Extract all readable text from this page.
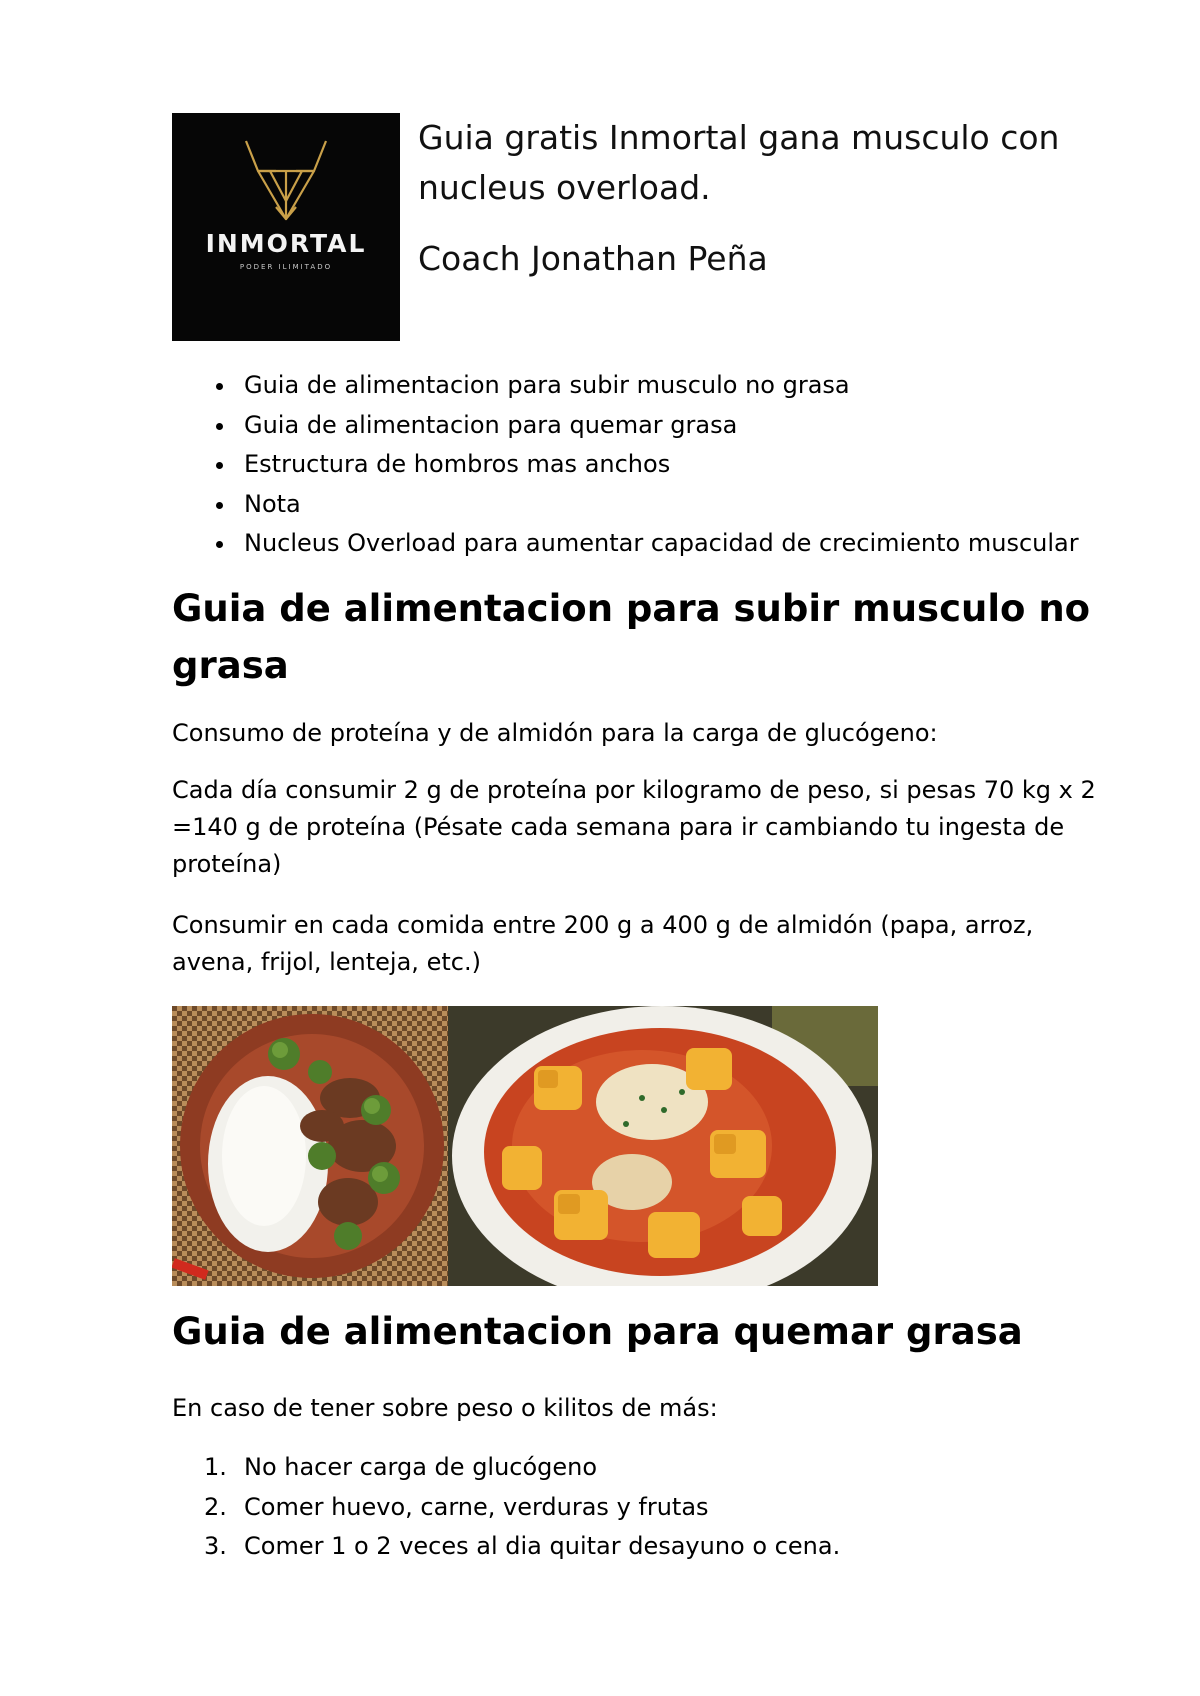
INMORTAL
PODER ILIMITADO
Guia gratis Inmortal gana musculo con nucleus overload.
Coach Jonathan Peña
Guia de alimentacion para subir musculo no grasa
Guia de alimentacion para quemar grasa
Estructura de hombros mas anchos
Nota
Nucleus Overload para aumentar capacidad de crecimiento muscular
Guia de alimentacion para subir musculo no grasa
Consumo de proteína y de almidón para la carga de glucógeno:
Cada día consumir 2 g de proteína por kilogramo de peso, si pesas 70 kg x 2 =140 g de proteína (Pésate cada semana para ir cambiando tu ingesta de proteína)
Consumir en cada comida entre 200 g a 400 g de almidón (papa, arroz, avena, frijol, lenteja, etc.)
Guia de alimentacion para quemar grasa
En caso de tener sobre peso o kilitos de más:
1. No hacer carga de glucógeno
2. Comer huevo, carne, verduras y frutas
3. Comer 1 o 2 veces al dia quitar desayuno o cena.
